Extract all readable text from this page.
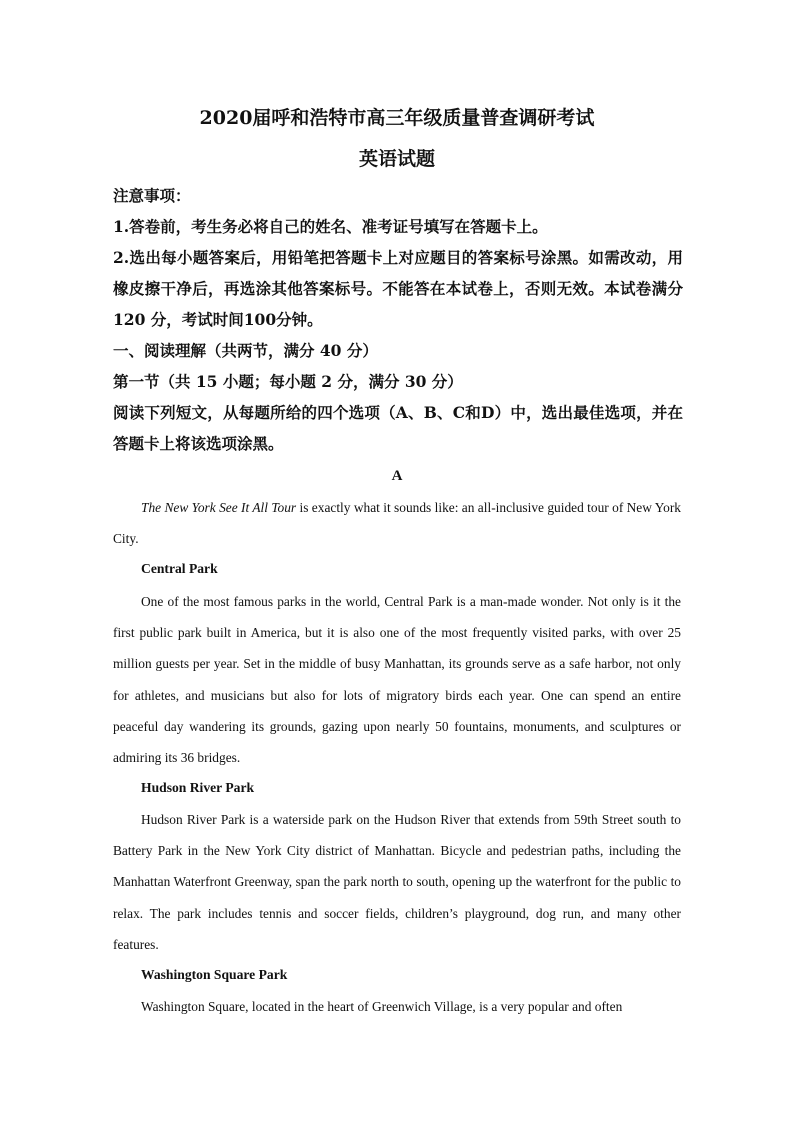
2020届呼和浩特市高三年级质量普查调研考试
英语试题
注意事项：
1.答卷前，考生务必将自己的姓名、准考证号填写在答题卡上。
2.选出每小题答案后，用铅笔把答题卡上对应题目的答案标号涂黑。如需改动，用橡皮擦干净后，再选涂其他答案标号。不能答在本试卷上，否则无效。本试卷满分 120 分，考试时间100分钟。
一、阅读理解（共两节，满分 40 分）
第一节（共 15 小题；每小题 2 分，满分 30 分）
阅读下列短文，从每题所给的四个选项（A、B、C和D）中，选出最佳选项，并在答题卡上将该选项涂黑。
A
The New York See It All Tour is exactly what it sounds like: an all-inclusive guided tour of New York City.
Central Park
One of the most famous parks in the world, Central Park is a man-made wonder. Not only is it the first public park built in America, but it is also one of the most frequently visited parks, with over 25 million guests per year. Set in the middle of busy Manhattan, its grounds serve as a safe harbor, not only for athletes, and musicians but also for lots of migratory birds each year. One can spend an entire peaceful day wandering its grounds, gazing upon nearly 50 fountains, monuments, and sculptures or admiring its 36 bridges.
Hudson River Park
Hudson River Park is a waterside park on the Hudson River that extends from 59th Street south to Battery Park in the New York City district of Manhattan. Bicycle and pedestrian paths, including the Manhattan Waterfront Greenway, span the park north to south, opening up the waterfront for the public to relax. The park includes tennis and soccer fields, children’s playground, dog run, and many other features.
Washington Square Park
Washington Square, located in the heart of Greenwich Village, is a very popular and often
